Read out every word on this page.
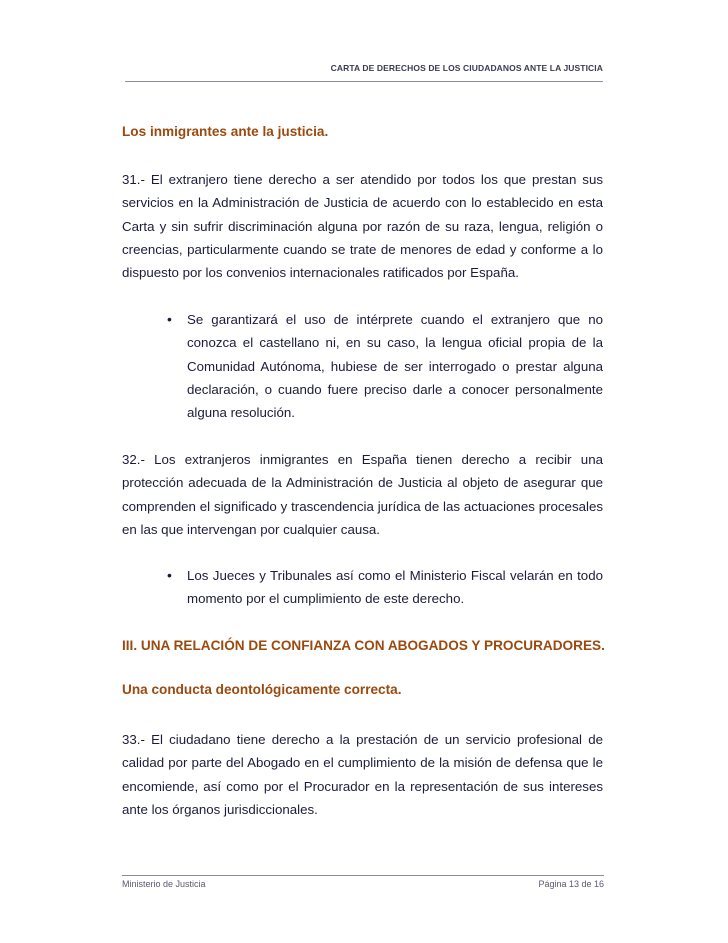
CARTA DE DERECHOS DE LOS CIUDADANOS ANTE LA JUSTICIA
Los inmigrantes ante la justicia.
31.- El extranjero tiene derecho a ser atendido por todos los que prestan sus servicios en la Administración de Justicia de acuerdo con lo establecido en esta Carta y sin sufrir discriminación alguna por razón de su raza, lengua, religión o creencias, particularmente cuando se trate de menores de edad y conforme a lo dispuesto por los convenios internacionales ratificados por España.
• Se garantizará el uso de intérprete cuando el extranjero que no conozca el castellano ni, en su caso, la lengua oficial propia de la Comunidad Autónoma, hubiese de ser interrogado o prestar alguna declaración, o cuando fuere preciso darle a conocer personalmente alguna resolución.
32.- Los extranjeros inmigrantes en España tienen derecho a recibir una protección adecuada de la Administración de Justicia al objeto de asegurar que comprenden el significado y trascendencia jurídica de las actuaciones procesales en las que intervengan por cualquier causa.
• Los Jueces y Tribunales así como el Ministerio Fiscal velarán en todo momento por el cumplimiento de este derecho.
III. UNA RELACIÓN DE CONFIANZA CON ABOGADOS Y PROCURADORES.
Una conducta deontológicamente correcta.
33.- El ciudadano tiene derecho a la prestación de un servicio profesional de calidad por parte del Abogado en el cumplimiento de la misión de defensa que le encomiende, así como por el Procurador en la representación de sus intereses ante los órganos jurisdiccionales.
Ministerio de Justicia	Página 13 de 16
